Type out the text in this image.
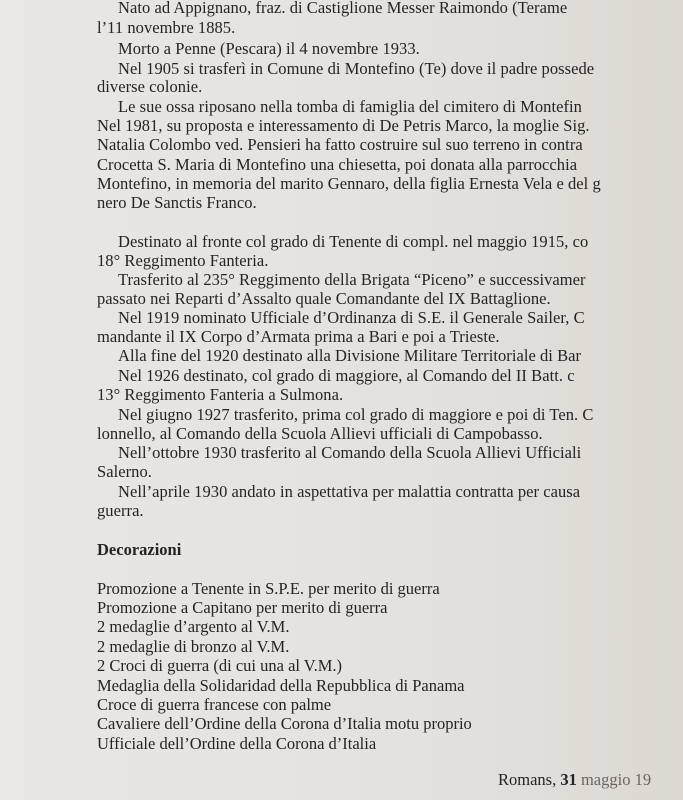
Nato ad Appignano, fraz. di Castiglione Messer Raimondo (Terame
l’11 novembre 1885.
Morto a Penne (Pescara) il 4 novembre 1933.
Nel 1905 si trasferì in Comune di Montefino (Te) dove il padre possede
diverse colonie.
Le sue ossa riposano nella tomba di famiglia del cimitero di Montefin
Nel 1981, su proposta e interessamento di De Petris Marco, la moglie Sig.
Natalia Colombo ved. Pensieri ha fatto costruire sul suo terreno in contra
Crocetta S. Maria di Montefino una chiesetta, poi donata alla parrocchia
Montefino, in memoria del marito Gennaro, della figlia Ernesta Vela e del g
nero De Sanctis Franco.
Destinato al fronte col grado di Tenente di compl. nel maggio 1915, co
18° Reggimento Fanteria.
Trasferito al 235° Reggimento della Brigata “Piceno” e successivamer
passato nei Reparti d’Assalto quale Comandante del IX Battaglione.
Nel 1919 nominato Ufficiale d’Ordinanza di S.E. il Generale Sailer, C
mandante il IX Corpo d’Armata prima a Bari e poi a Trieste.
Alla fine del 1920 destinato alla Divisione Militare Territoriale di Bar
Nel 1926 destinato, col grado di maggiore, al Comando del II Batt. c
13° Reggimento Fanteria a Sulmona.
Nel giugno 1927 trasferito, prima col grado di maggiore e poi di Ten. C
lonnello, al Comando della Scuola Allievi ufficiali di Campobasso.
Nell’ottobre 1930 trasferito al Comando della Scuola Allievi Ufficiali
Salerno.
Nell’aprile 1930 andato in aspettativa per malattia contratta per causa
guerra.
Decorazioni
Promozione a Tenente in S.P.E. per merito di guerra
Promozione a Capitano per merito di guerra
2 medaglie d’argento al V.M.
2 medaglie di bronzo al V.M.
2 Croci di guerra (di cui una al V.M.)
Medaglia della Solidaridad della Repubblica di Panama
Croce di guerra francese con palme
Cavaliere dell’Ordine della Corona d’Italia motu proprio
Ufficiale dell’Ordine della Corona d’Italia
Romans, 31 maggio 19
